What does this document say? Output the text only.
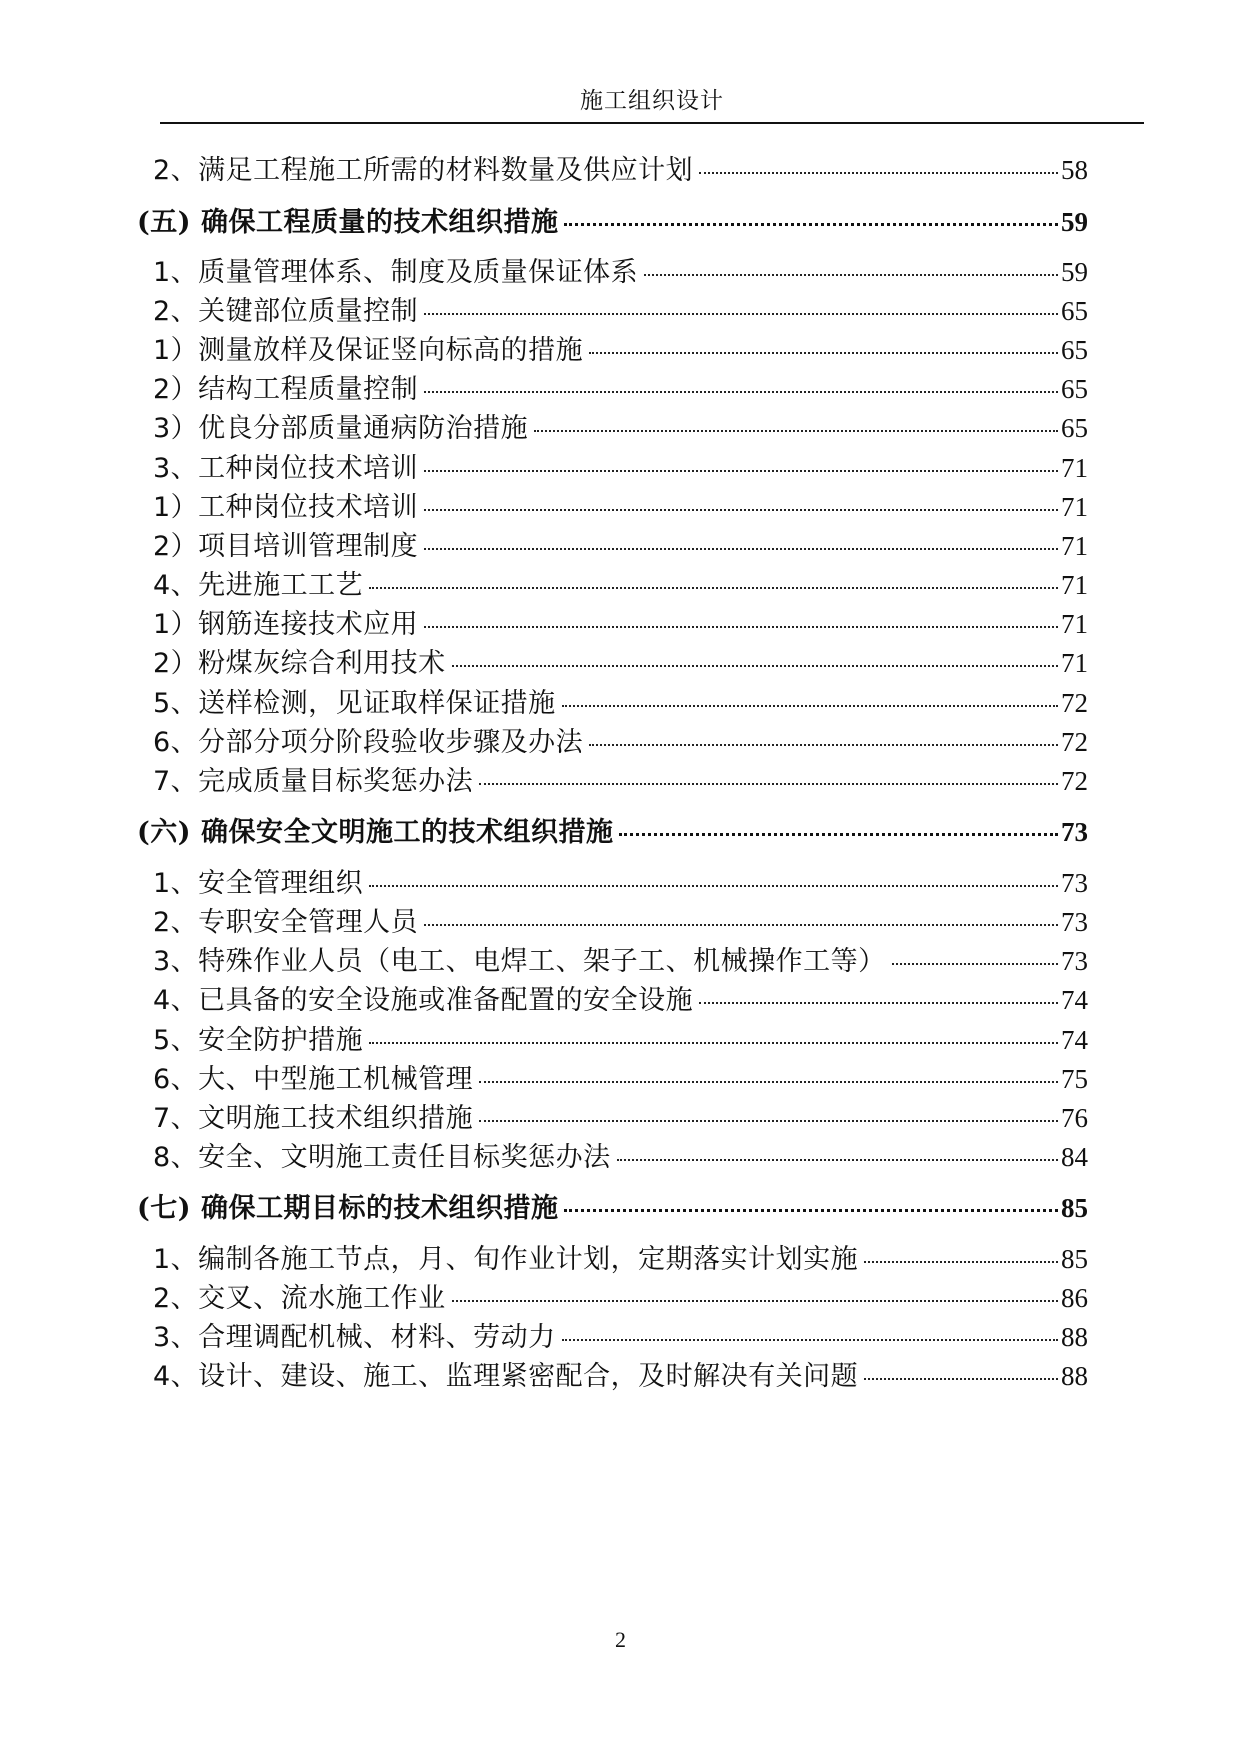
施工组织设计
2、满足工程施工所需的材料数量及供应计划	58
(五) 确保工程质量的技术组织措施	59
1、质量管理体系、制度及质量保证体系	59
2、关键部位质量控制	65
1）测量放样及保证竖向标高的措施	65
2）结构工程质量控制	65
3）优良分部质量通病防治措施	65
3、工种岗位技术培训	71
1）工种岗位技术培训	71
2）项目培训管理制度	71
4、先进施工工艺	71
1）钢筋连接技术应用	71
2）粉煤灰综合利用技术	71
5、送样检测，见证取样保证措施	72
6、分部分项分阶段验收步骤及办法	72
7、完成质量目标奖惩办法	72
(六) 确保安全文明施工的技术组织措施	73
1、安全管理组织	73
2、专职安全管理人员	73
3、特殊作业人员（电工、电焊工、架子工、机械操作工等）	73
4、已具备的安全设施或准备配置的安全设施	74
5、安全防护措施	74
6、大、中型施工机械管理	75
7、文明施工技术组织措施	76
8、安全、文明施工责任目标奖惩办法	84
(七) 确保工期目标的技术组织措施	85
1、编制各施工节点，月、旬作业计划，定期落实计划实施	85
2、交叉、流水施工作业	86
3、合理调配机械、材料、劳动力	88
4、设计、建设、施工、监理紧密配合，及时解决有关问题	88
2
